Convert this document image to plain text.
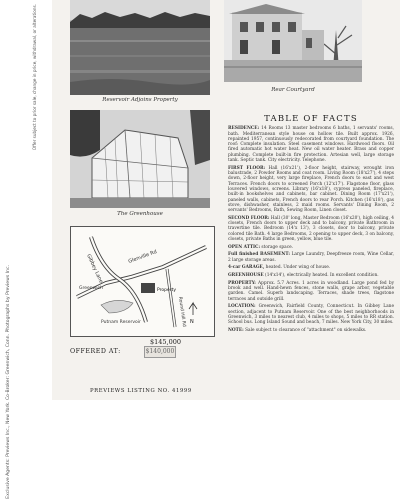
Offer subject to prior sale, change in price, withdrawal, or alterations.
Exclusive Agents: Previews Inc., New York. Co-Broker: Greenwich, Conn. Photographs by Previews Inc.
Reservoir Adjoins Property
Rear Courtyard
The Greenhouse
Glenville Rd
Gibbey Lane
Round Hill Rd
Putnam Reservoir
Greenwich	Property
N
$145,000
OFFERED AT:	$140,000
PREVIEWS LISTING NO. 41999
TABLE OF FACTS

RESIDENCE: 14 Rooms 13 master bedrooms 6 baths, 1 servants' rooms, bath. Mediterranean style house on hollow tile. Built approx. 1926, repainted 1957, continuously redecorated from courtyard foundation. The roof: Complete insulation. Steel casement windows. Hardwood floors. Oil fired automatic hot water heat. New oil water heater. Brass and copper plumbing. Complete built-in fire protection. Artesian well, large storage tank. Septic tank. City electricity. Telephone.

FIRST FLOOR: Hall (16'x21'), 2-floor height, stairway, wrought iron balustrade, 2 Powder Rooms and coat room. Living Room (18'x27'), 4 steps down, 2-floor height, very large fireplace, French doors to east and west Terraces. French doors to screened Porch (12'x17'). Flagstone floor, glass louvered windows, screens. Library (16'x18'), cypress paneled, fireplace, built-in bookshelves and cabinets, bar cabinet. Dining Room (17'x21'), paneled walls, cabinets, French doors to rear Porch. Kitchen (16'x18'), gas stove, dishwasher, stainless, 2 maid rooms. Servants' Dining Room, 2 servants' Bedrooms, Bath, Sewing Room, Linen closet.

SECOND FLOOR: Hall (30' long, Master Bedroom (16'x20'), high ceiling, 4 closets, French doors to upper deck and to balcony, private Bathroom in travertine tile. Bedroom (14'x 13'), 3 closets, door to balcony, private colored tile Bath. 4 large Bedrooms, 2 opening to upper deck, 3 on balcony, closets, private Baths in green, yellow, blue tile.

OPEN ATTIC: storage space.

Full finished BASEMENT: Large Laundry, Deepfreeze room, Wine Cellar, 2 large storage areas.

4-car GARAGE, heated. Under wing of house.

GREENHOUSE (14'x14'), electrically heated. In excellent condition.

PROPERTY: Approx. 5.7 Acres. 1 acres in woodland. Large pond fed by brook and well. Hand-hewn fences, stone walls, grape arbor, vegetable garden. Camel. Superb landscaping. Terraces, shade trees, flagstone terraces and outside grill.

LOCATION: Greenwich, Fairfield County, Connecticut. In Gibbey Lane section, adjacent to Putnam Reservoir. One of the best neighborhoods in Greenwich, 3 miles to nearest club, 4 miles to shops, 5 miles to RR station. School bus. Long Island Sound and beach, 7 miles. New York City, 30 miles.

NOTE: Sale subject to clearance of "attachment" on sidewalks.
